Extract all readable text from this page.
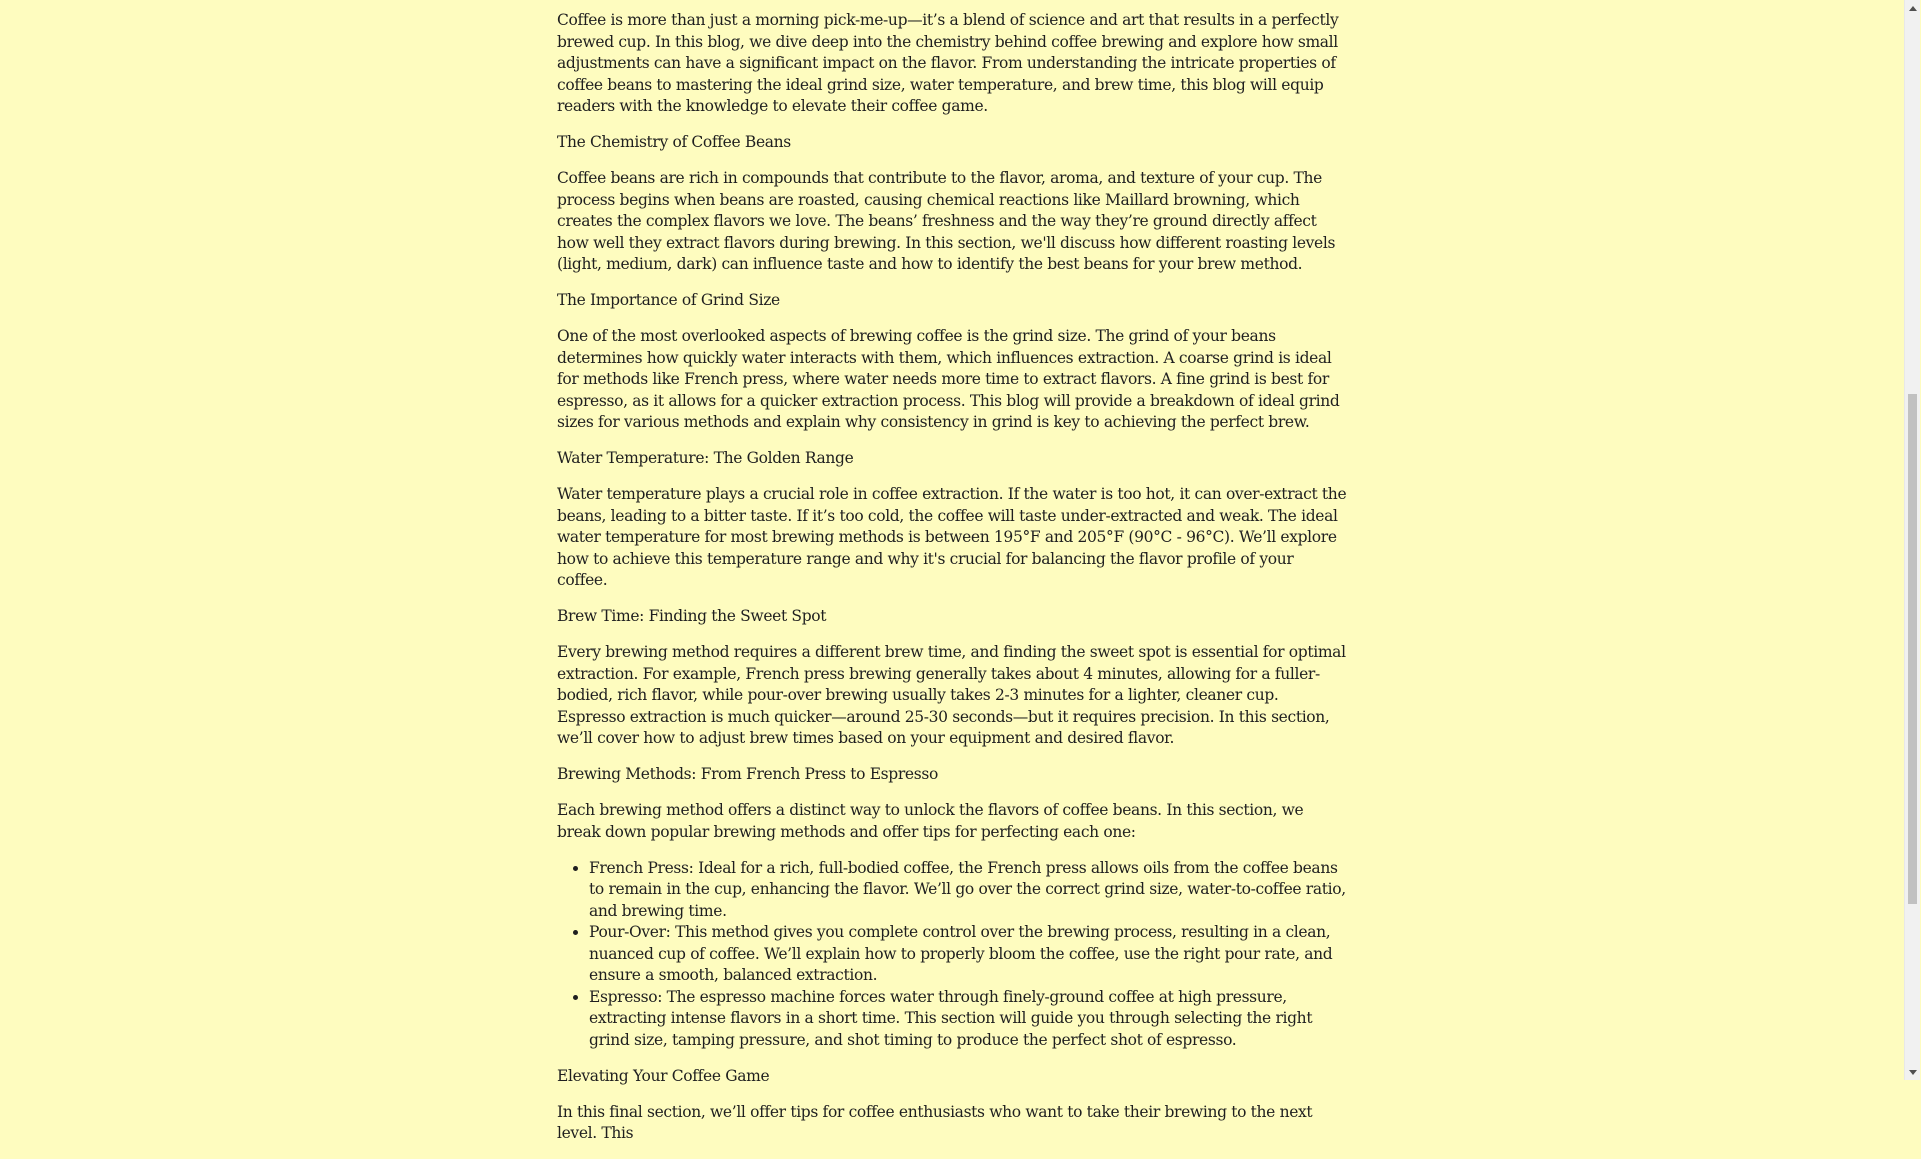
Coffee is more than just a morning pick-me-up—it’s a blend of science and art that results in a perfectly brewed cup. In this blog, we dive deep into the chemistry behind coffee brewing and explore how small adjustments can have a significant impact on the flavor. From understanding the intricate properties of coffee beans to mastering the ideal grind size, water temperature, and brew time, this blog will equip readers with the knowledge to elevate their coffee game.

The Chemistry of Coffee Beans

Coffee beans are rich in compounds that contribute to the flavor, aroma, and texture of your cup. The process begins when beans are roasted, causing chemical reactions like Maillard browning, which creates the complex flavors we love. The beans’ freshness and the way they’re ground directly affect how well they extract flavors during brewing. In this section, we'll discuss how different roasting levels (light, medium, dark) can influence taste and how to identify the best beans for your brew method.

The Importance of Grind Size

One of the most overlooked aspects of brewing coffee is the grind size. The grind of your beans determines how quickly water interacts with them, which influences extraction. A coarse grind is ideal for methods like French press, where water needs more time to extract flavors. A fine grind is best for espresso, as it allows for a quicker extraction process. This blog will provide a breakdown of ideal grind sizes for various methods and explain why consistency in grind is key to achieving the perfect brew.

Water Temperature: The Golden Range

Water temperature plays a crucial role in coffee extraction. If the water is too hot, it can over-extract the beans, leading to a bitter taste. If it’s too cold, the coffee will taste under-extracted and weak. The ideal water temperature for most brewing methods is between 195°F and 205°F (90°C - 96°C). We’ll explore how to achieve this temperature range and why it's crucial for balancing the flavor profile of your coffee.

Brew Time: Finding the Sweet Spot

Every brewing method requires a different brew time, and finding the sweet spot is essential for optimal extraction. For example, French press brewing generally takes about 4 minutes, allowing for a fuller-bodied, rich flavor, while pour-over brewing usually takes 2-3 minutes for a lighter, cleaner cup. Espresso extraction is much quicker—around 25-30 seconds—but it requires precision. In this section, we’ll cover how to adjust brew times based on your equipment and desired flavor.

Brewing Methods: From French Press to Espresso

Each brewing method offers a distinct way to unlock the flavors of coffee beans. In this section, we break down popular brewing methods and offer tips for perfecting each one:

• French Press: Ideal for a rich, full-bodied coffee, the French press allows oils from the coffee beans to remain in the cup, enhancing the flavor. We’ll go over the correct grind size, water-to-coffee ratio, and brewing time.
• Pour-Over: This method gives you complete control over the brewing process, resulting in a clean, nuanced cup of coffee. We’ll explain how to properly bloom the coffee, use the right pour rate, and ensure a smooth, balanced extraction.
• Espresso: The espresso machine forces water through finely-ground coffee at high pressure, extracting intense flavors in a short time. This section will guide you through selecting the right grind size, tamping pressure, and shot timing to produce the perfect shot of espresso.
Elevating Your Coffee Game

In this final section, we’ll offer tips for coffee enthusiasts who want to take their brewing to the next level. This
